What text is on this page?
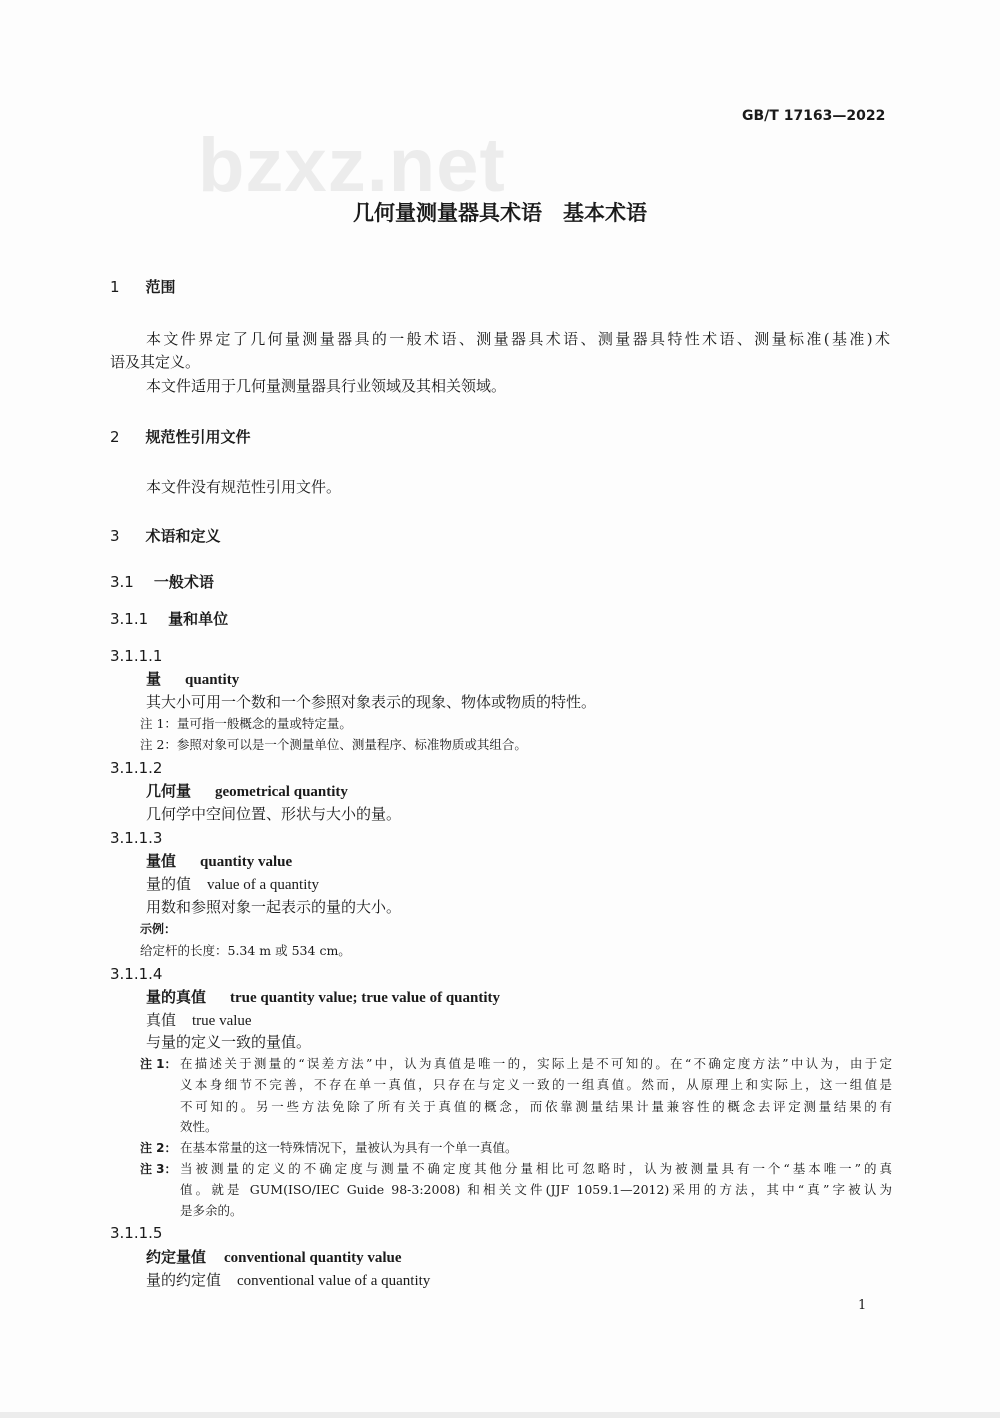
bzxz.net
GB/T 17163—2022
几何量测量器具术语　基本术语
1 范围
本文件界定了几何量测量器具的一般术语、测量器具术语、测量器具特性术语、测量标准(基准)术
语及其定义。
本文件适用于几何量测量器具行业领域及其相关领域。
2 规范性引用文件
本文件没有规范性引用文件。
3 术语和定义
3.1 一般术语
3.1.1 量和单位
3.1.1.1
量 quantity
其大小可用一个数和一个参照对象表示的现象、物体或物质的特性。
注 1：量可指一般概念的量或特定量。
注 2：参照对象可以是一个测量单位、测量程序、标准物质或其组合。
3.1.1.2
几何量 geometrical quantity
几何学中空间位置、形状与大小的量。
3.1.1.3
量值 quantity value
量的值 value of a quantity
用数和参照对象一起表示的量的大小。
示例：
给定杆的长度：5.34 m 或 534 cm。
3.1.1.4
量的真值 true quantity value; true value of quantity
真值 true value
与量的定义一致的量值。
注 1： 在描述关于测量的“误差方法”中，认为真值是唯一的，实际上是不可知的。在“不确定度方法”中认为，由于定
义本身细节不完善，不存在单一真值，只存在与定义一致的一组真值。然而，从原理上和实际上，这一组值是
不可知的。另一些方法免除了所有关于真值的概念，而依靠测量结果计量兼容性的概念去评定测量结果的有
效性。
注 2： 在基本常量的这一特殊情况下，量被认为具有一个单一真值。
注 3： 当被测量的定义的不确定度与测量不确定度其他分量相比可忽略时，认为被测量具有一个“基本唯一”的真
值。就是 GUM(ISO/IEC Guide 98-3:2008) 和相关文件(JJF 1059.1—2012)采用的方法，其中“真”字被认为
是多余的。
3.1.1.5
约定量值 conventional quantity value
量的约定值 conventional value of a quantity
1
